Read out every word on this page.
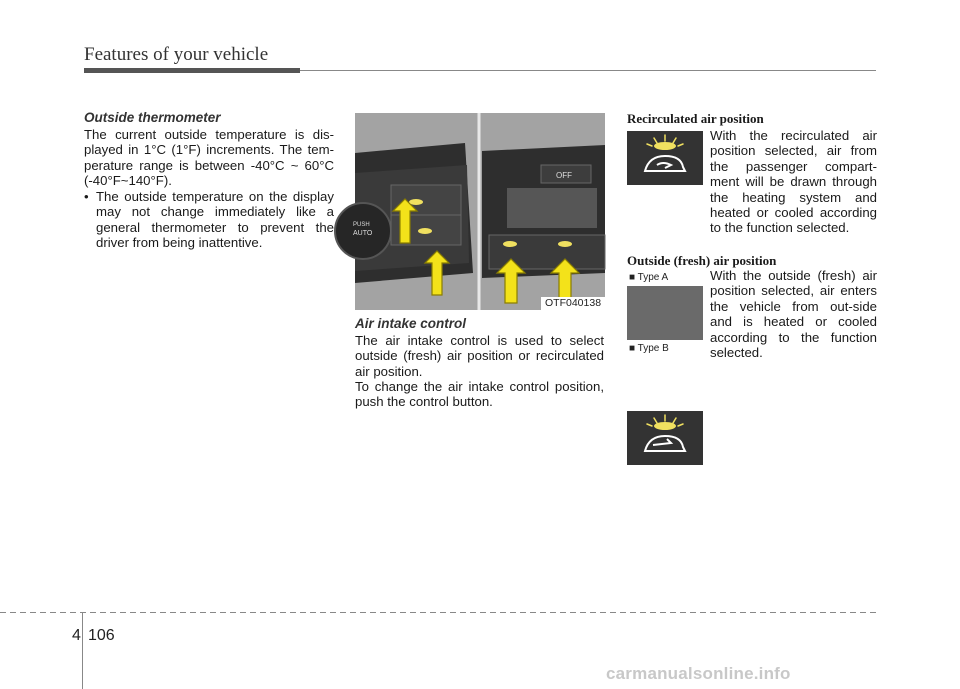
Features of your vehicle
Outside thermometer
The current outside temperature is dis-played in 1°C (1°F) increments. The tem-perature range is between -40°C ~ 60°C (-40°F~140°F).
• The outside temperature on the display may not change immediately like a general thermometer to prevent the driver from being inattentive.
PUSH
AUTO
OFF
OTF040138
Air intake control
The air intake control is used to select outside (fresh) air position or recirculated air position.
To change the air intake control position, push the control button.
Recirculated air position
With the recirculated air position selected, air from the passenger compart-ment will be drawn through the heating system and heated or cooled according to the function selected.
Outside (fresh) air position
■ Type A
■ Type B
With the outside (fresh) air position selected, air enters the vehicle from out-side and is heated or cooled according to the function selected.
4 106
carmanualsonline.info
